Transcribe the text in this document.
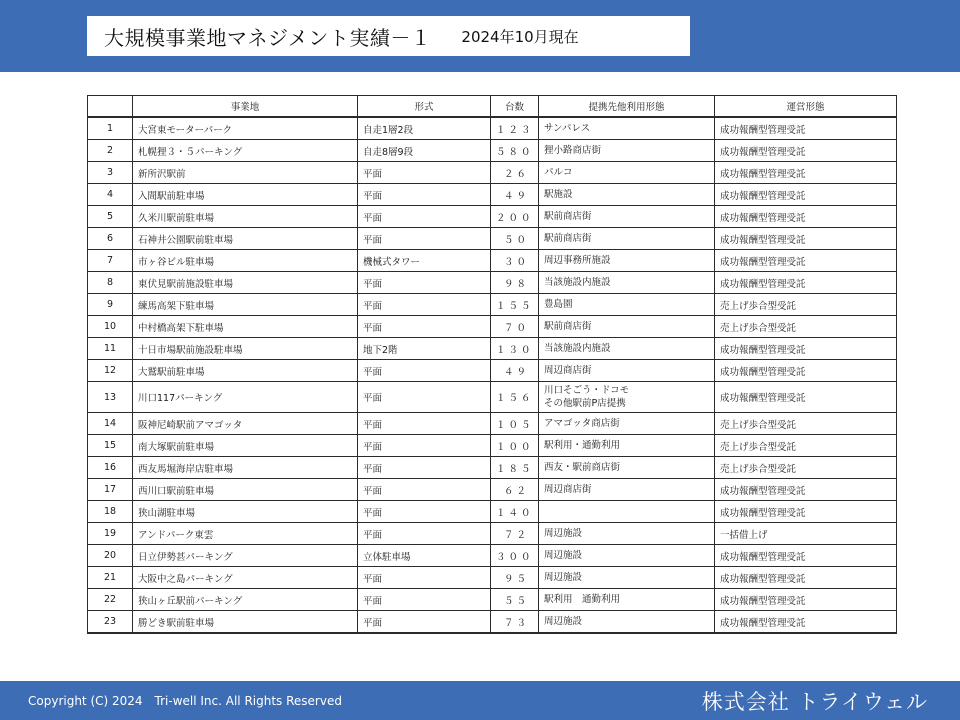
大規模事業地マネジメント実績－１ 2024年10月現在
	事業地	形式	台数	提携先他利用形態	運営形態
1	大宮東モーターパーク	自走1層2段	１２３	サンパレス	成功報酬型管理受託
2	札幌狸３・５パーキング	自走8層9段	５８０	狸小路商店街	成功報酬型管理受託
3	新所沢駅前	平面	２６	パルコ	成功報酬型管理受託
4	入間駅前駐車場	平面	４９	駅施設	成功報酬型管理受託
5	久米川駅前駐車場	平面	２００	駅前商店街	成功報酬型管理受託
6	石神井公園駅前駐車場	平面	５０	駅前商店街	成功報酬型管理受託
7	市ヶ谷ビル駐車場	機械式タワー	３０	周辺事務所施設	成功報酬型管理受託
8	東伏見駅前施設駐車場	平面	９８	当該施設内施設	成功報酬型管理受託
9	練馬高架下駐車場	平面	１５５	豊島園	売上げ歩合型受託
10	中村橋高架下駐車場	平面	７０	駅前商店街	売上げ歩合型受託
11	十日市場駅前施設駐車場	地下2階	１３０	当該施設内施設	成功報酬型管理受託
12	大鷲駅前駐車場	平面	４９	周辺商店街	成功報酬型管理受託
13	川口117パーキング	平面	１５６	川口そごう・ドコモ
その他駅前P店提携	成功報酬型管理受託
14	阪神尼崎駅前アマゴッタ	平面	１０５	アマゴッタ商店街	売上げ歩合型受託
15	南大塚駅前駐車場	平面	１００	駅利用・通勤利用	売上げ歩合型受託
16	西友馬堀海岸店駐車場	平面	１８５	西友・駅前商店街	売上げ歩合型受託
17	西川口駅前駐車場	平面	６２	周辺商店街	成功報酬型管理受託
18	狭山湖駐車場	平面	１４０		成功報酬型管理受託
19	アンドパーク東雲	平面	７２	周辺施設	一括借上げ
20	日立伊勢甚パーキング	立体駐車場	３００	周辺施設	成功報酬型管理受託
21	大阪中之島パーキング	平面	９５	周辺施設	成功報酬型管理受託
22	狭山ヶ丘駅前パーキング	平面	５５	駅利用　通勤利用	成功報酬型管理受託
23	勝どき駅前駐車場	平面	７３	周辺施設	成功報酬型管理受託
Copyright (C) 2024　Tri-well Inc. All Rights Reserved	株式会社 トライウェル
